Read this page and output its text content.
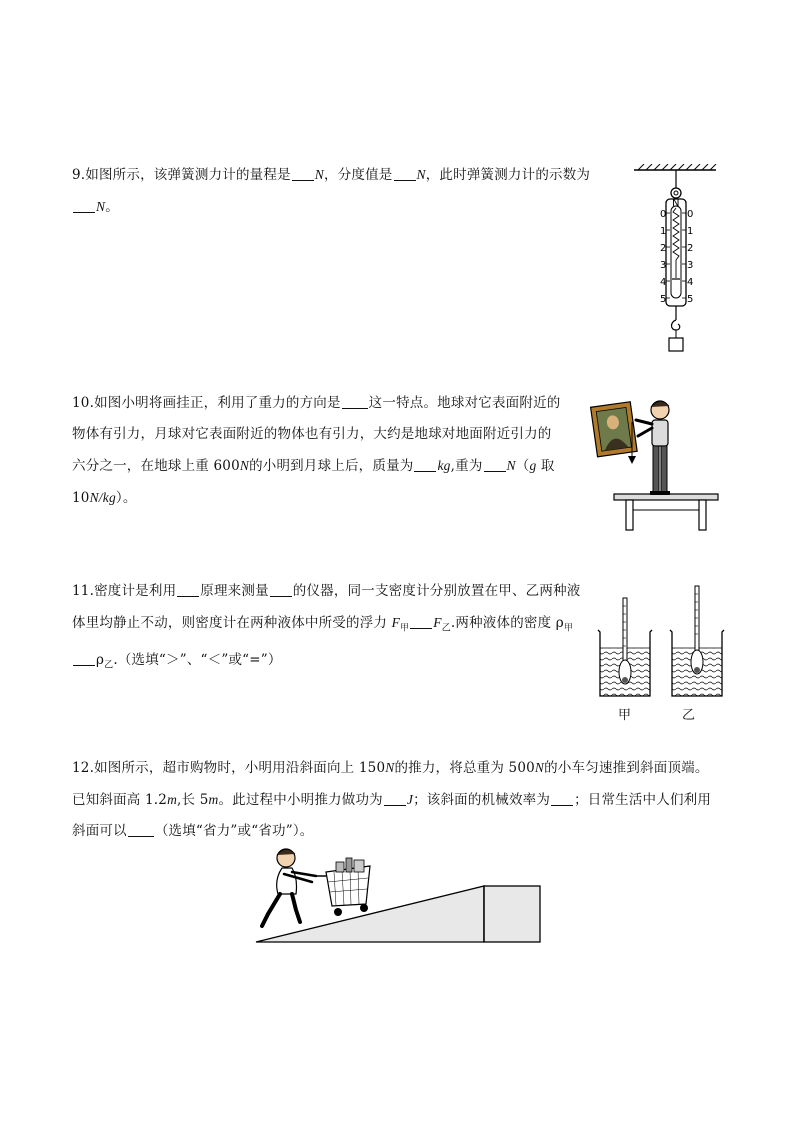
9.如图所示，该弹簧测力计的量程是 N，分度值是 N，此时弹簧测力计的示数为
N。	N
0
1
2
3
4
5
0
1
2
3
4
5
10.如图小明将画挂正，利用了重力的方向是 这一特点。地球对它表面附近的
物体有引力，月球对它表面附近的物体也有引力，大约是地球对地面附近引力的
六分之一，在地球上重 600N的小明到月球上后，质量为 kg,重为 N（g 取
10N/kg）。
11.密度计是利用 原理来测量 的仪器，同一支密度计分别放置在甲、乙两种液
体里均静止不动，则密度计在两种液体中所受的浮力 $F_甲$ $F_乙$.两种液体的密度 $\rho_甲$
$\rho_乙$.（选填“＞”、“＜”或“=”）
甲	乙
12.如图所示，超市购物时，小明用沿斜面向上 150N的推力，将总重为 500N的小车匀速推到斜面顶端。
已知斜面高 1.2m,长 5m。此过程中小明推力做功为 J；该斜面的机械效率为 ；日常生活中人们利用
斜面可以 （选填“省力”或“省功”）。
